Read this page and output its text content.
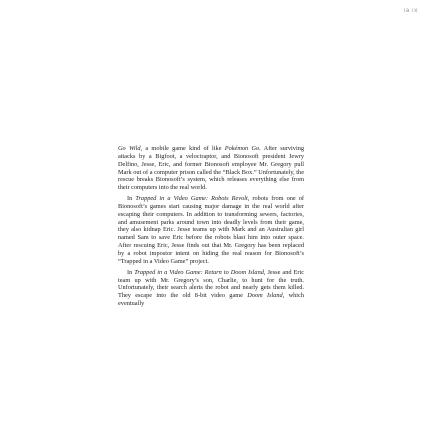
ıa ıx

Go Wild, a mobile game kind of like Pokémon Go. After surviving attacks by a Bigfoot, a velociraptor, and Bionosoft president Jewry Delfino, Jesse, Eric, and former Bionosoft employee Mr. Gregory pull Mark out of a computer prison called the “Black Box.” Unfortunately, the rescue breaks Bionosoft’s system, which releases everything else from their computers into the real world.

In Trapped in a Video Game: Robots Revolt, robots from one of Bionosoft’s games start causing major damage in the real world after escaping their computers. In addition to transforming sewers, factories, and amusement parks around town into deadly levels from their game, they also kidnap Eric. Jesse teams up with Mark and an Australian girl named Sam to save Eric before the robots blast him into outer space. After rescuing Eric, Jesse finds out that Mr. Gregory has been replaced by a robot impostor intent on hiding the real reason for Bionosoft’s “Trapped in a Video Game” project.

In Trapped in a Video Game: Return to Doom Island, Jesse and Eric team up with Mr. Gregory’s son, Charlie, to hunt for the truth. Unfortunately, their search alerts the robot and nearly gets them killed. They escape into the old 8-bit video game Doom Island, which eventually
